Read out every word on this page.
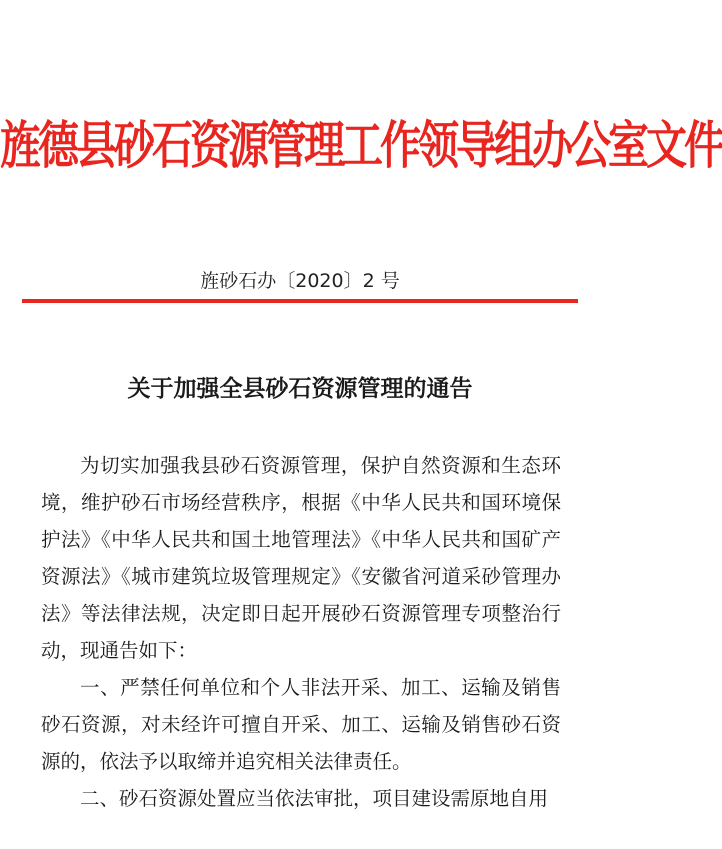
旌德县砂石资源管理工作领导组办公室文件
旌砂石办〔2020〕2 号
关于加强全县砂石资源管理的通告

为切实加强我县砂石资源管理，保护自然资源和生态环境，维护砂石市场经营秩序，根据《中华人民共和国环境保护法》《中华人民共和国土地管理法》《中华人民共和国矿产资源法》《城市建筑垃圾管理规定》《安徽省河道采砂管理办法》等法律法规，决定即日起开展砂石资源管理专项整治行动，现通告如下：

一、严禁任何单位和个人非法开采、加工、运输及销售砂石资源，对未经许可擅自开采、加工、运输及销售砂石资源的，依法予以取缔并追究相关法律责任。

二、砂石资源处置应当依法审批，项目建设需原地自用
